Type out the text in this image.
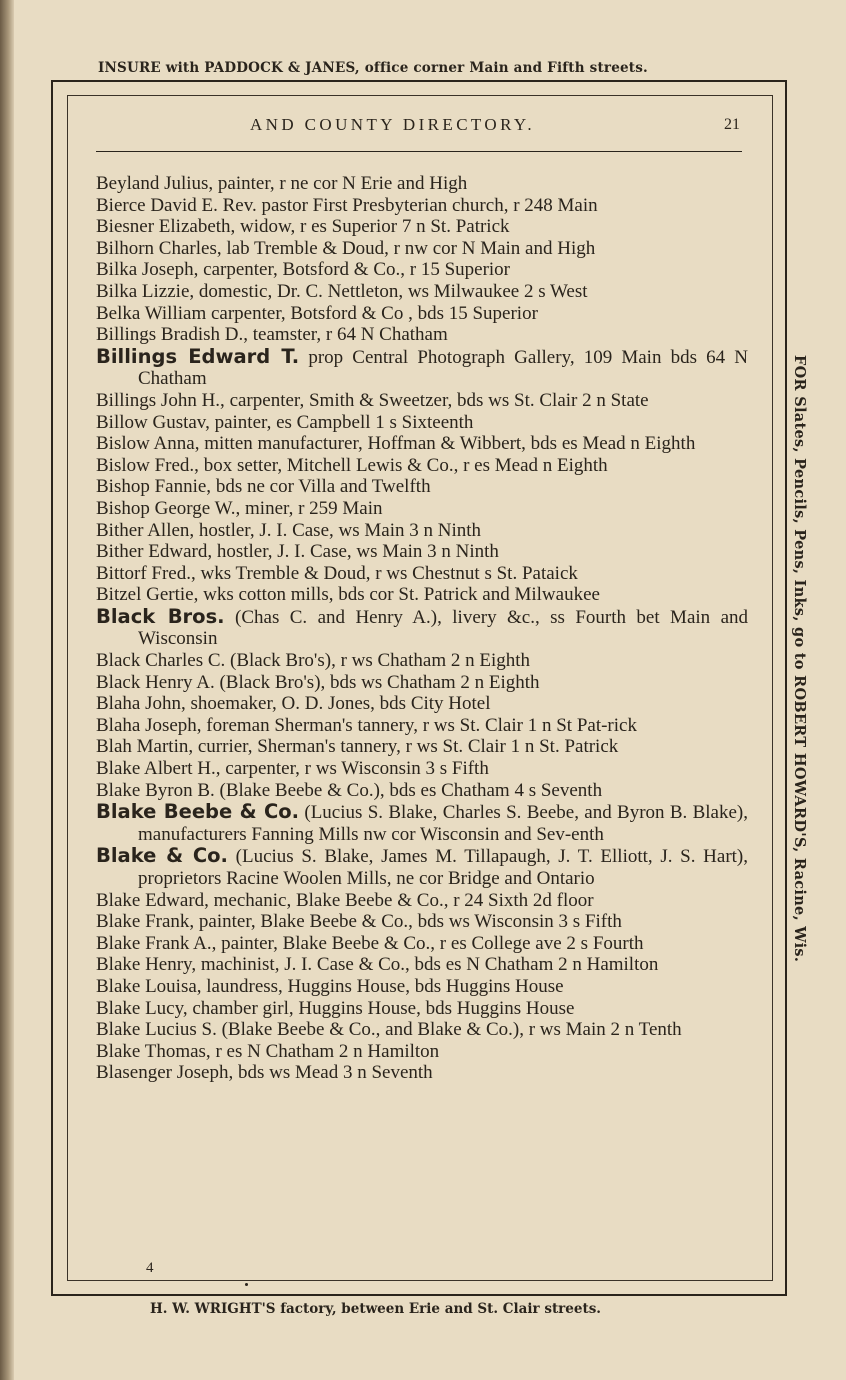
INSURE with PADDOCK & JANES, office corner Main and Fifth streets.
AND COUNTY DIRECTORY.	21
Beyland Julius, painter, r ne cor N Erie and High
Bierce David E. Rev. pastor First Presbyterian church, r 248 Main
Biesner Elizabeth, widow, r es Superior 7 n St. Patrick
Bilhorn Charles, lab Tremble & Doud, r nw cor N Main and High
Bilka Joseph, carpenter, Botsford & Co., r 15 Superior
Bilka Lizzie, domestic, Dr. C. Nettleton, ws Milwaukee 2 s West
Belka William carpenter, Botsford & Co , bds 15 Superior
Billings Bradish D., teamster, r 64 N Chatham
Billings Edward T. prop Central Photograph Gallery, 109 Main bds 64 N Chatham
Billings John H., carpenter, Smith & Sweetzer, bds ws St. Clair 2 n State
Billow Gustav, painter, es Campbell 1 s Sixteenth
Bislow Anna, mitten manufacturer, Hoffman & Wibbert, bds es Mead n Eighth
Bislow Fred., box setter, Mitchell Lewis & Co., r es Mead n Eighth
Bishop Fannie, bds ne cor Villa and Twelfth
Bishop George W., miner, r 259 Main
Bither Allen, hostler, J. I. Case, ws Main 3 n Ninth
Bither Edward, hostler, J. I. Case, ws Main 3 n Ninth
Bittorf Fred., wks Tremble & Doud, r ws Chestnut s St. Pataick
Bitzel Gertie, wks cotton mills, bds cor St. Patrick and Milwaukee
Black Bros. (Chas C. and Henry A.), livery &c., ss Fourth bet Main and Wisconsin
Black Charles C. (Black Bro's), r ws Chatham 2 n Eighth
Black Henry A. (Black Bro's), bds ws Chatham 2 n Eighth
Blaha John, shoemaker, O. D. Jones, bds City Hotel
Blaha Joseph, foreman Sherman's tannery, r ws St. Clair 1 n St Pat-rick
Blah Martin, currier, Sherman's tannery, r ws St. Clair 1 n St. Patrick
Blake Albert H., carpenter, r ws Wisconsin 3 s Fifth
Blake Byron B. (Blake Beebe & Co.), bds es Chatham 4 s Seventh
Blake Beebe & Co. (Lucius S. Blake, Charles S. Beebe, and Byron B. Blake), manufacturers Fanning Mills nw cor Wisconsin and Sev-enth
Blake & Co. (Lucius S. Blake, James M. Tillapaugh, J. T. Elliott, J. S. Hart), proprietors Racine Woolen Mills, ne cor Bridge and Ontario
Blake Edward, mechanic, Blake Beebe & Co., r 24 Sixth 2d floor
Blake Frank, painter, Blake Beebe & Co., bds ws Wisconsin 3 s Fifth
Blake Frank A., painter, Blake Beebe & Co., r es College ave 2 s Fourth
Blake Henry, machinist, J. I. Case & Co., bds es N Chatham 2 n Hamilton
Blake Louisa, laundress, Huggins House, bds Huggins House
Blake Lucy, chamber girl, Huggins House, bds Huggins House
Blake Lucius S. (Blake Beebe & Co., and Blake & Co.), r ws Main 2 n Tenth
Blake Thomas, r es N Chatham 2 n Hamilton
Blasenger Joseph, bds ws Mead 3 n Seventh
4
FOR Slates, Pencils, Pens, Inks, go to ROBERT HOWARD'S, Racine, Wis.
H. W. WRIGHT'S factory, between Erie and St. Clair streets.
